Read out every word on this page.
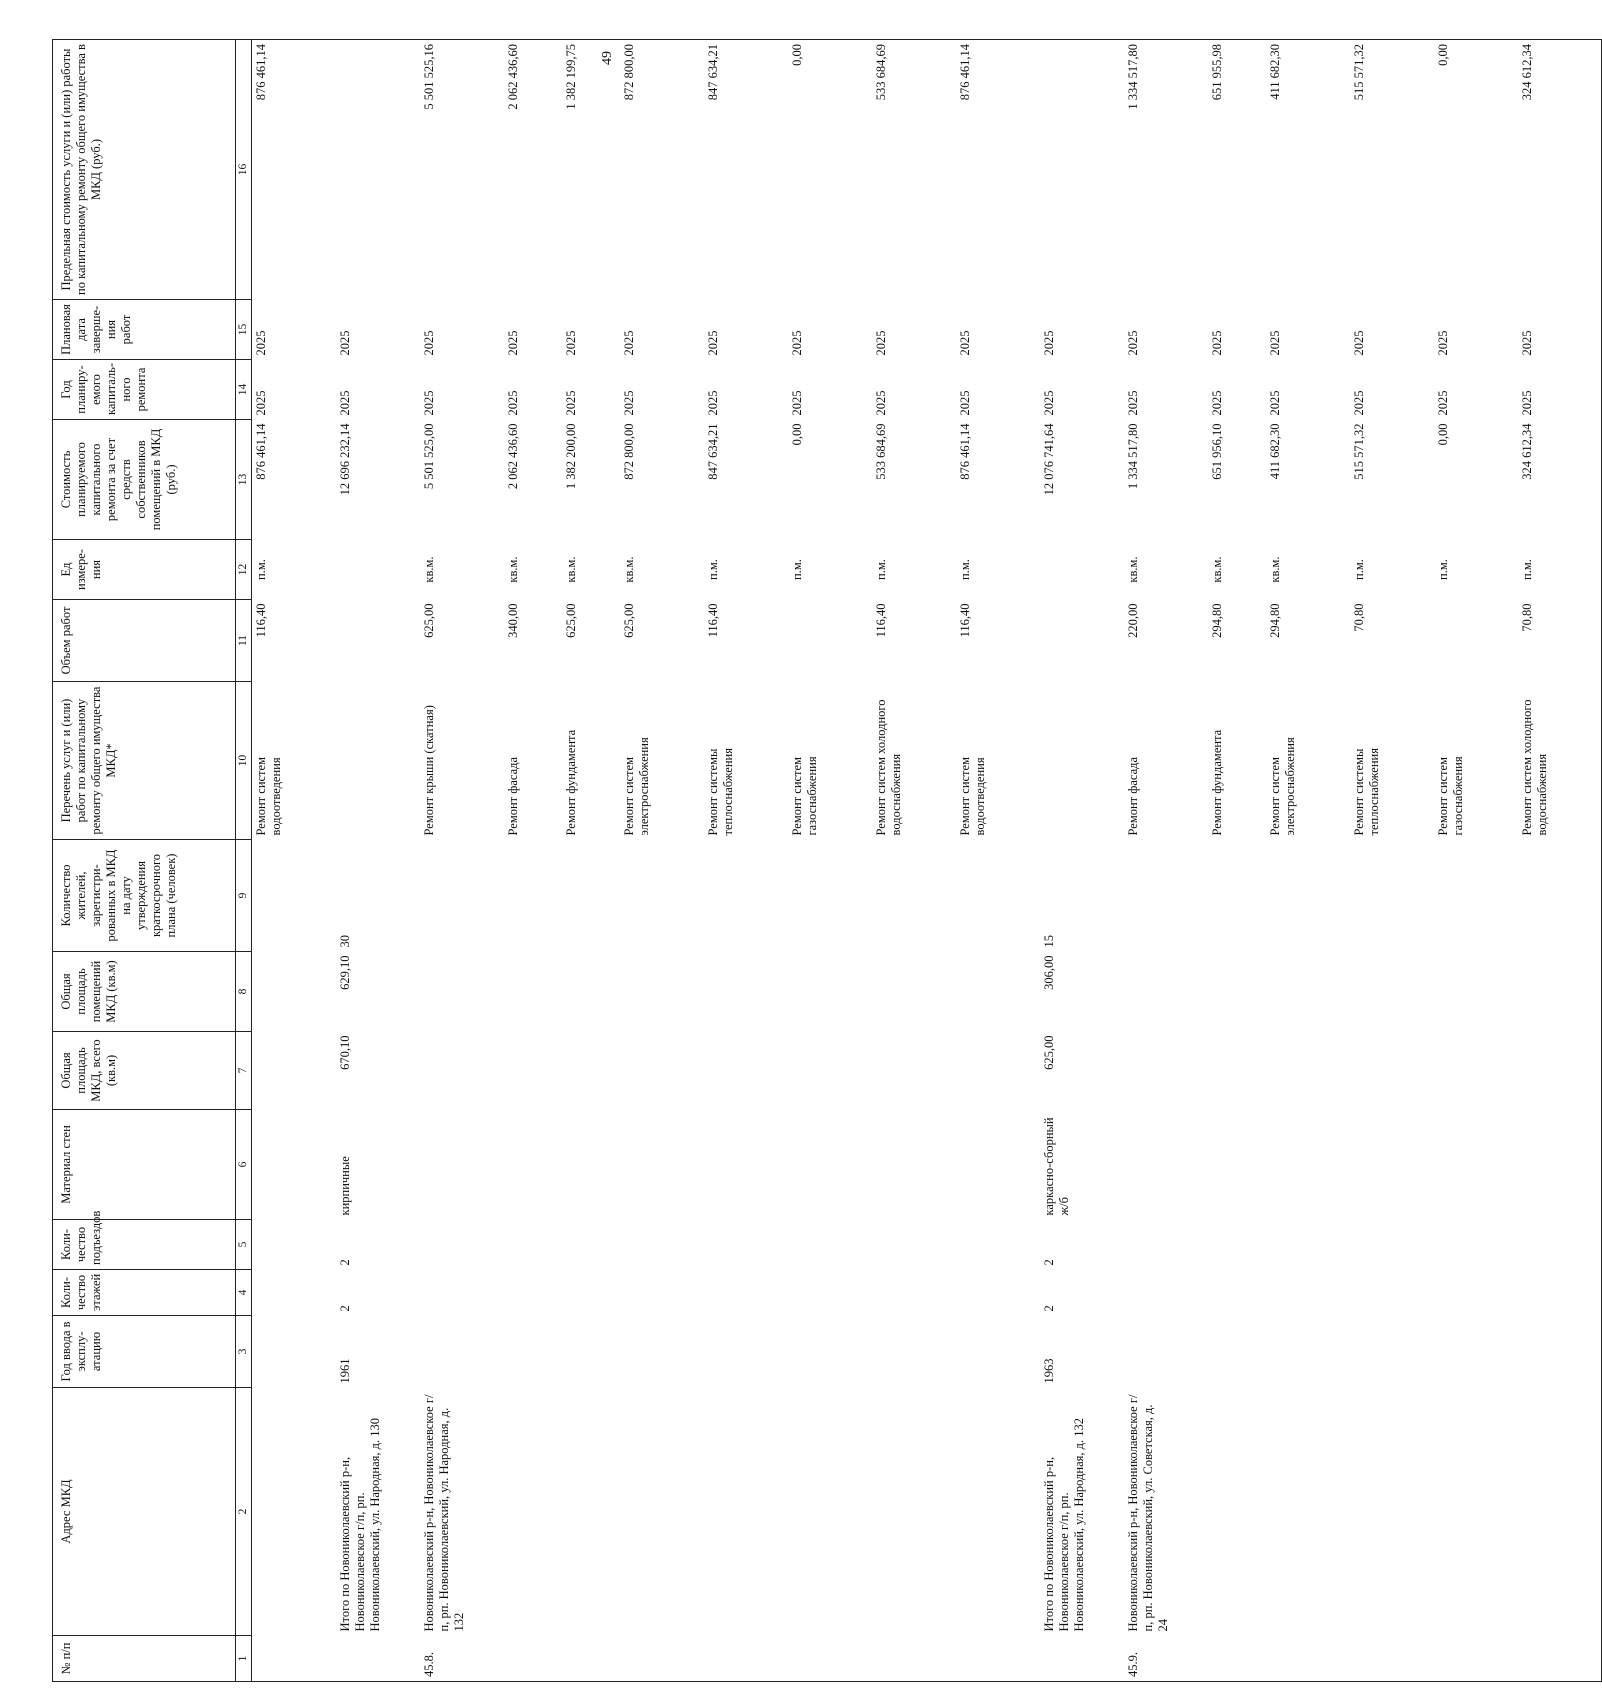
49
№ п/п	Адрес МКД	Год ввода в эксплу-атацию	Коли-чество этажей	Коли-чество подъездов	Материал стен	Общая площадь МКД, всего (кв.м)	Общая площадь помещений МКД (кв.м)	Количество жителей, зарегистри-рованных в МКД на дату утверждения краткосрочного плана (человек)	Перечень услуг и (или) работ по капитальному ремонту общего имущества МКД*	Объем работ	Ед измере-ния	Стоимость планируемого капитального ремонта за счет средств собственников помещений в МКД (руб.)	Год планиру-емого капиталь-ного ремонта	Плановая дата заверше-ния работ	Предельная стоимость услуги и (или) работы по капитальному ремонту общего имущества в МКД (руб.)
1	2	3	4	5	6	7	8	9	10	11	12	13	14	15	16
									Ремонт систем водоотведения	116,40	п.м.	876 461,14	2025	2025	876 461,14
	Итого по Новониколаевский р-н, Новониколаевское г/п, рп. Новониколаевский, ул. Народная, д. 130	1961	2	2	кирпичные	670,10	629,10	30				12 696 232,14	2025	2025	
45.8.	Новониколаевский р-н, Новониколаевское г/п, рп. Новониколаевский, ул. Народная, д. 132								Ремонт крыши (скатная)	625,00	кв.м.	5 501 525,00	2025	2025	5 501 525,16
									Ремонт фасада	340,00	кв.м.	2 062 436,60	2025	2025	2 062 436,60
									Ремонт фундамента	625,00	кв.м.	1 382 200,00	2025	2025	1 382 199,75
									Ремонт систем электроснабжения	625,00	кв.м.	872 800,00	2025	2025	872 800,00
									Ремонт системы теплоснабжения	116,40	п.м.	847 634,21	2025	2025	847 634,21
									Ремонт систем газоснабжения		п.м.	0,00	2025	2025	0,00
									Ремонт систем холодного водоснабжения	116,40	п.м.	533 684,69	2025	2025	533 684,69
									Ремонт систем водоотведения	116,40	п.м.	876 461,14	2025	2025	876 461,14
	Итого по Новониколаевский р-н, Новониколаевское г/п, рп. Новониколаевский, ул. Народная, д. 132	1963	2	2	каркасно-сборный ж/б	625,00	306,00	15				12 076 741,64	2025	2025	
45.9.	Новониколаевский р-н, Новониколаевское г/п, рп. Новониколаевский, ул. Советская, д. 24								Ремонт фасада	220,00	кв.м.	1 334 517,80	2025	2025	1 334 517,80
									Ремонт фундамента	294,80	кв.м.	651 956,10	2025	2025	651 955,98
									Ремонт систем электроснабжения	294,80	кв.м.	411 682,30	2025	2025	411 682,30
									Ремонт системы теплоснабжения	70,80	п.м.	515 571,32	2025	2025	515 571,32
									Ремонт систем газоснабжения		п.м.	0,00	2025	2025	0,00
									Ремонт систем холодного водоснабжения	70,80	п.м.	324 612,34	2025	2025	324 612,34
